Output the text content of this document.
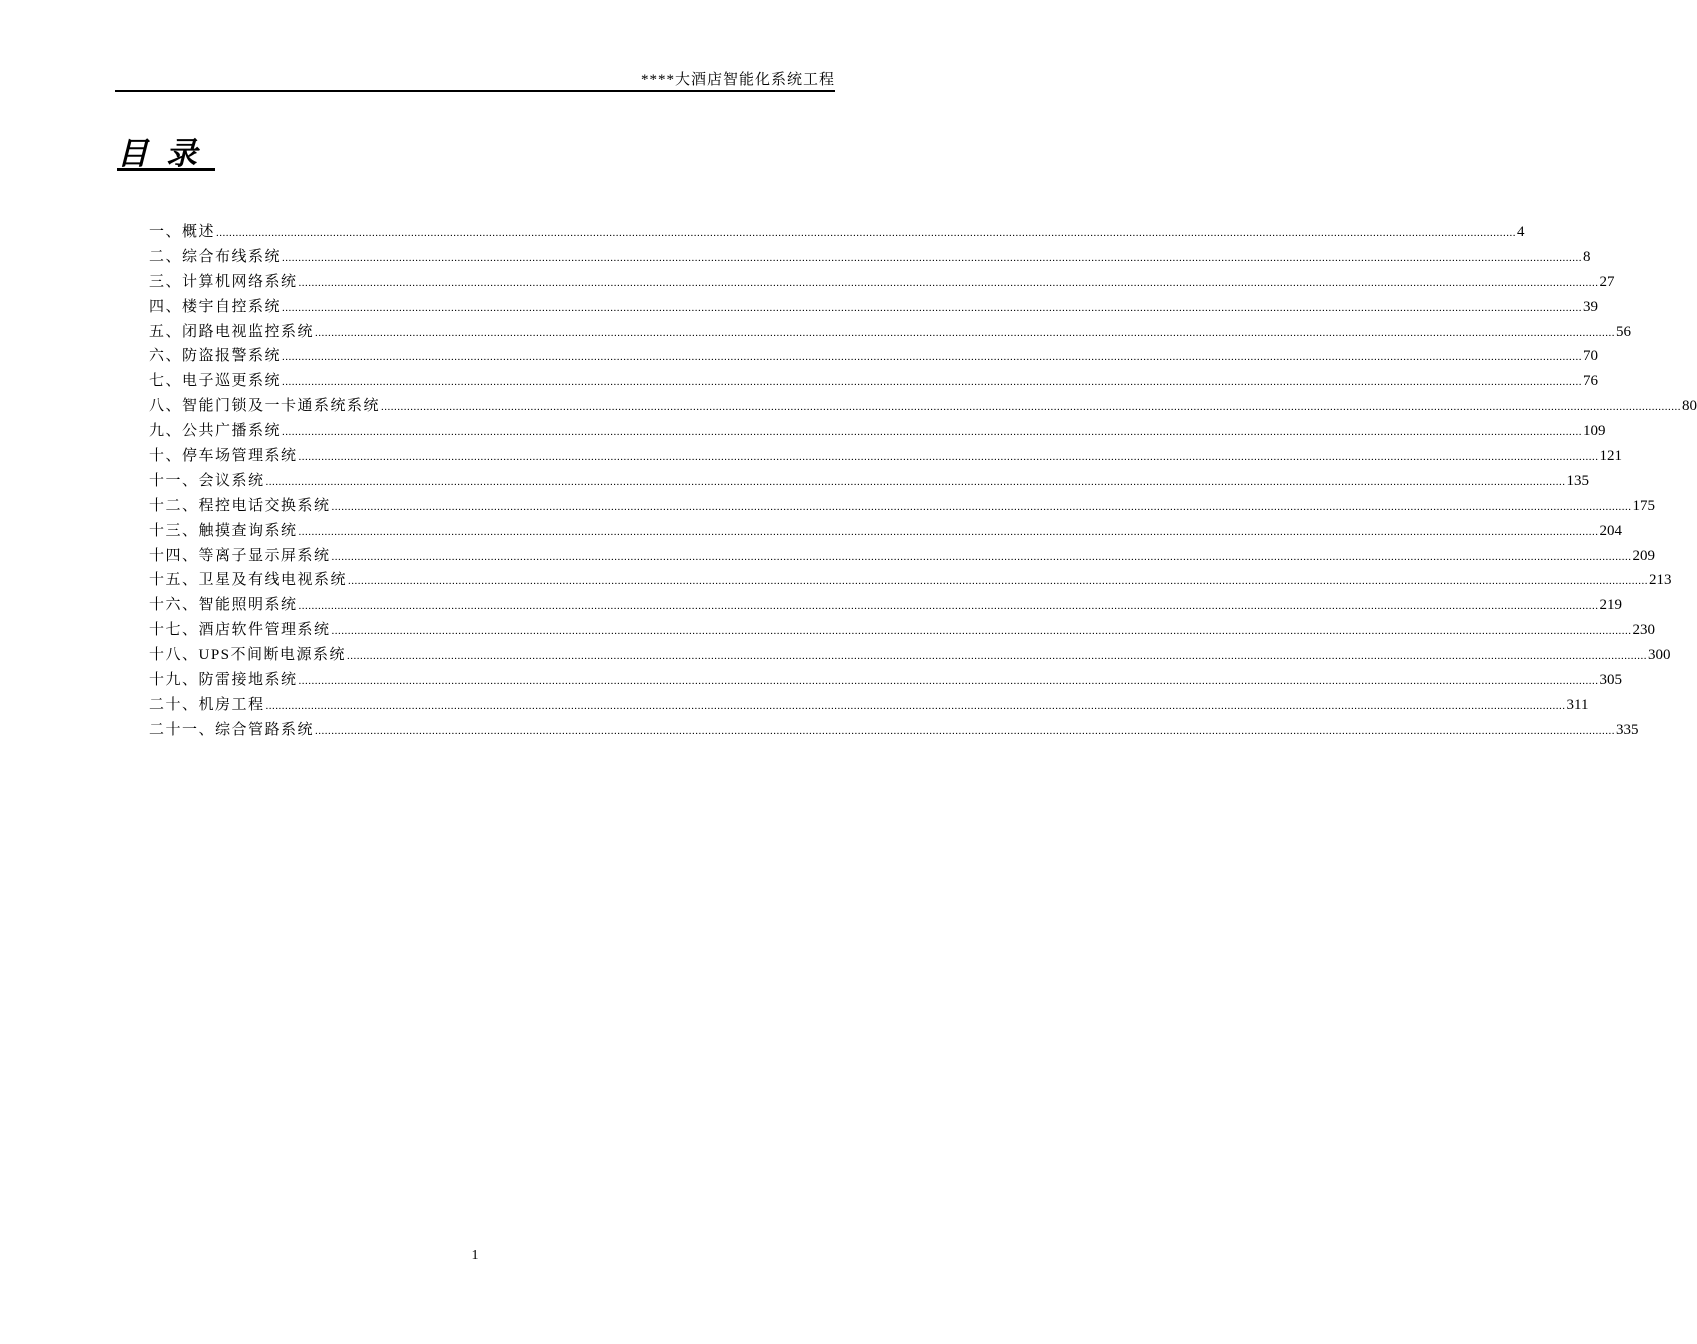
****大酒店智能化系统工程
目录
一、概述 ................................................................................................................................................................................................................................................................................................................................................................................................................ 4
二、综合布线系统 ................................................................................................................................................................................................................................................................................................................................................................................................................ 8
三、计算机网络系统 ................................................................................................................................................................................................................................................................................................................................................................................................................ 27
四、楼宇自控系统 ................................................................................................................................................................................................................................................................................................................................................................................................................ 39
五、闭路电视监控系统 ................................................................................................................................................................................................................................................................................................................................................................................................................ 56
六、防盗报警系统 ................................................................................................................................................................................................................................................................................................................................................................................................................ 70
七、电子巡更系统 ................................................................................................................................................................................................................................................................................................................................................................................................................ 76
八、智能门锁及一卡通系统系统 ................................................................................................................................................................................................................................................................................................................................................................................................................ 80
九、公共广播系统 ................................................................................................................................................................................................................................................................................................................................................................................................................ 109
十、停车场管理系统 ................................................................................................................................................................................................................................................................................................................................................................................................................ 121
十一、会议系统 ................................................................................................................................................................................................................................................................................................................................................................................................................ 135
十二、程控电话交换系统 ................................................................................................................................................................................................................................................................................................................................................................................................................ 175
十三、触摸查询系统 ................................................................................................................................................................................................................................................................................................................................................................................................................ 204
十四、等离子显示屏系统 ................................................................................................................................................................................................................................................................................................................................................................................................................ 209
十五、卫星及有线电视系统 ................................................................................................................................................................................................................................................................................................................................................................................................................ 213
十六、智能照明系统 ................................................................................................................................................................................................................................................................................................................................................................................................................ 219
十七、酒店软件管理系统 ................................................................................................................................................................................................................................................................................................................................................................................................................ 230
十八、UPS不间断电源系统 ................................................................................................................................................................................................................................................................................................................................................................................................................ 300
十九、防雷接地系统 ................................................................................................................................................................................................................................................................................................................................................................................................................ 305
二十、机房工程 ................................................................................................................................................................................................................................................................................................................................................................................................................ 311
二十一、综合管路系统 ................................................................................................................................................................................................................................................................................................................................................................................................................ 335
1
